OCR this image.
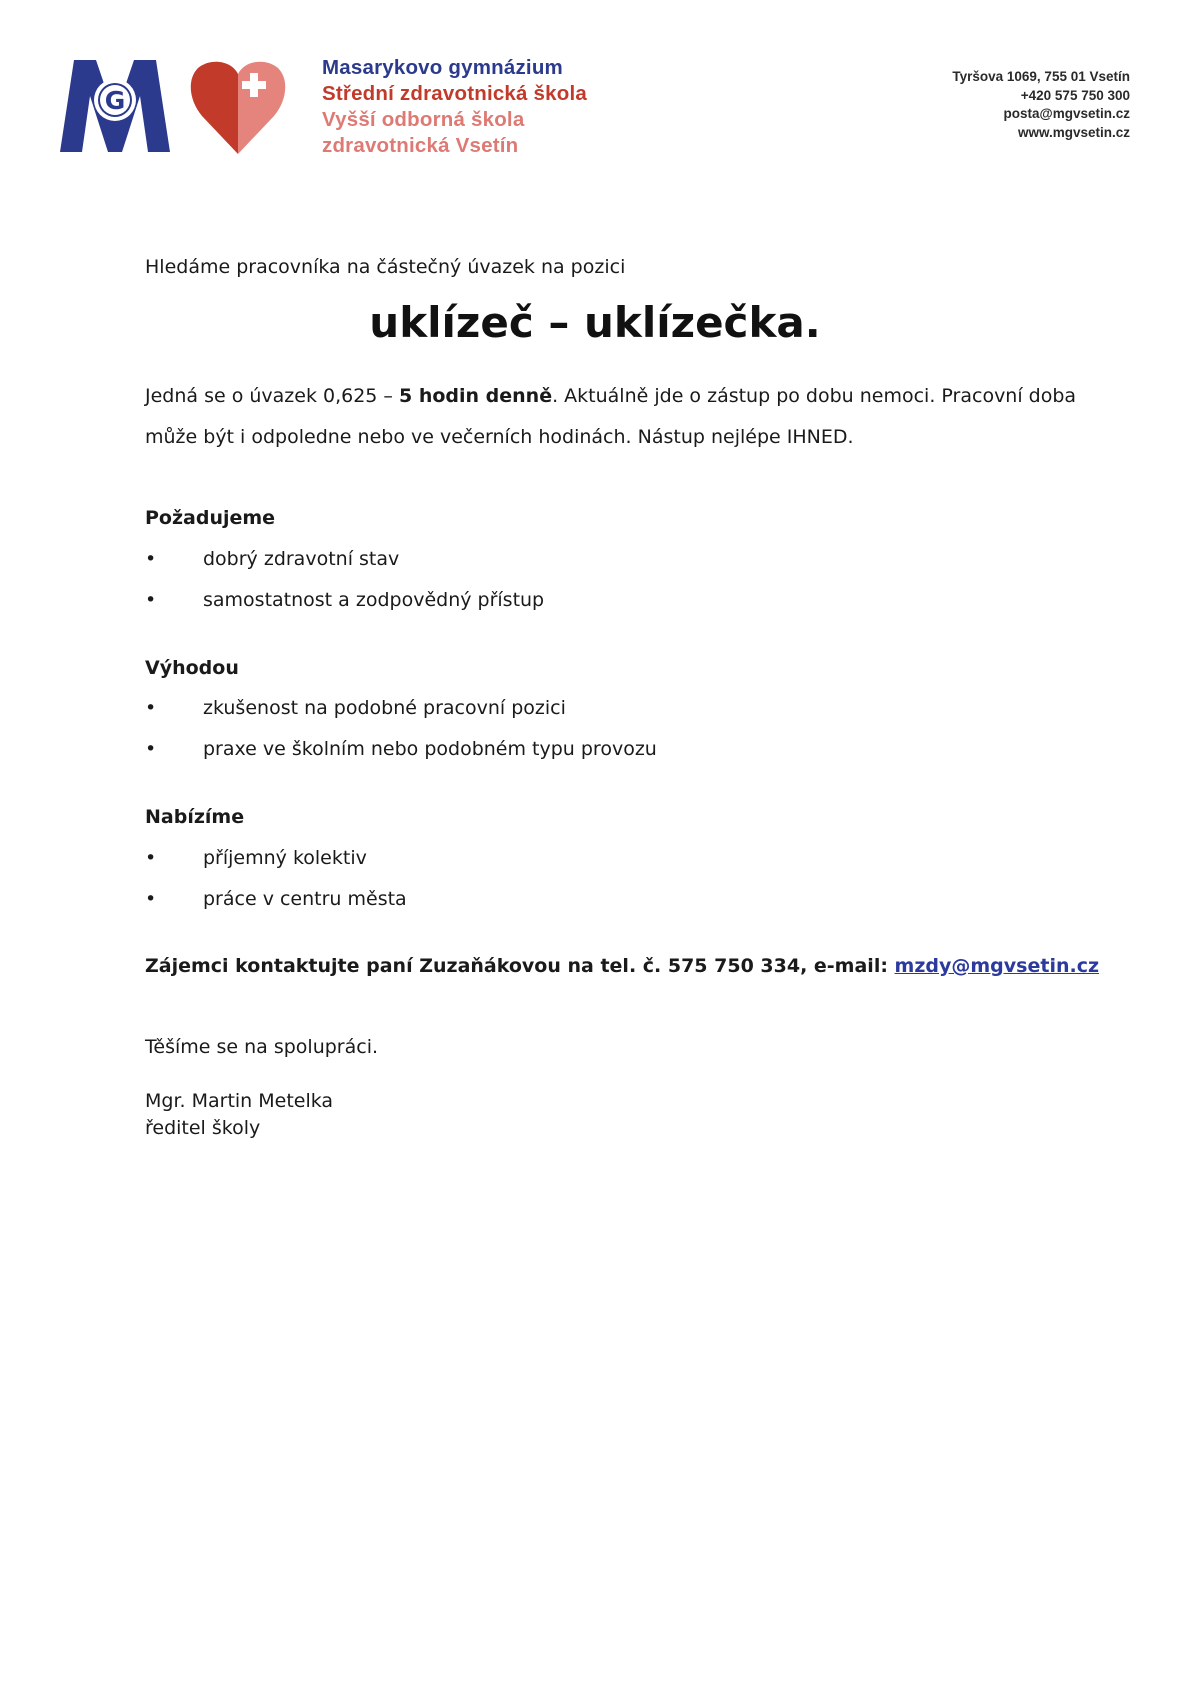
G
Masarykovo gymnázium
Střední zdravotnická škola
Vyšší odborná škola
zdravotnická Vsetín
Tyršova 1069, 755 01 Vsetín
+420 575 750 300
posta@mgvsetin.cz
www.mgvsetin.cz
Hledáme pracovníka na částečný úvazek na pozici
uklízeč – uklízečka.
Jedná se o úvazek 0,625 – 5 hodin denně. Aktuálně jde o zástup po dobu nemoci. Pracovní doba
může být i odpoledne nebo ve večerních hodinách. Nástup nejlépe IHNED.
Požadujeme
• dobrý zdravotní stav
• samostatnost a zodpovědný přístup
Výhodou
• zkušenost na podobné pracovní pozici
• praxe ve školním nebo podobném typu provozu
Nabízíme
• příjemný kolektiv
• práce v centru města
Zájemci kontaktujte paní Zuzaňákovou na tel. č. 575 750 334, e-mail: mzdy@mgvsetin.cz
Těšíme se na spolupráci.
Mgr. Martin Metelka
ředitel školy
